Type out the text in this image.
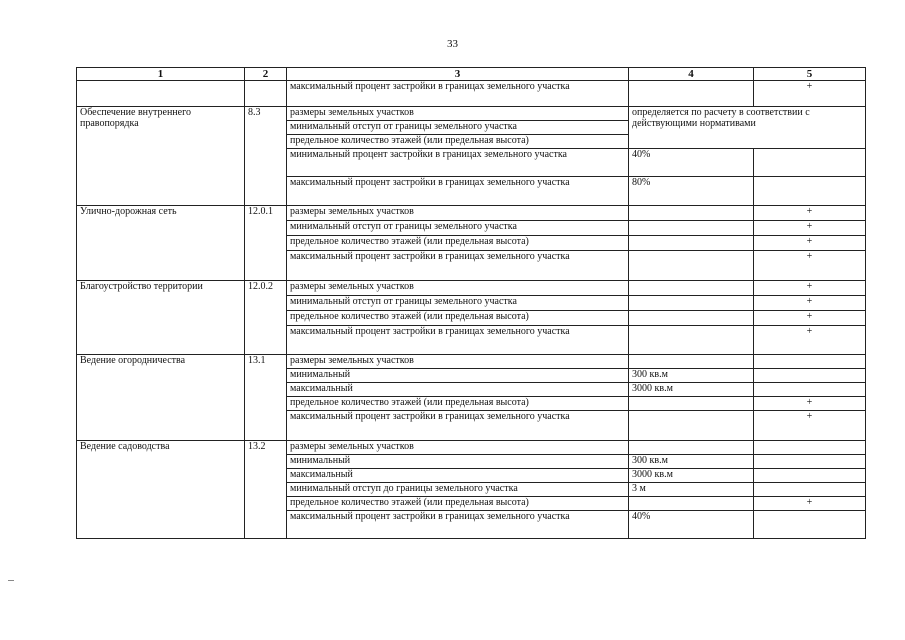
33
1	2	3	4	5
		максимальный процент застройки в границах земельного участка		+
Обеспечение внутреннего правопорядка	8.3	размеры земельных участков	определяется по расчету в соответствии с действующими нормативами	
		минимальный отступ от границы земельного участка		
		предельное количество этажей (или предельная высота)		
		минимальный процент застройки в границах земельного участка	40%	
		максимальный процент застройки в границах земельного участка	80%	
Улично-дорожная сеть	12.0.1	размеры земельных участков		+
		минимальный отступ от границы земельного участка		+
		предельное количество этажей (или предельная высота)		+
		максимальный процент застройки в границах земельного участка		+
Благоустройство территории	12.0.2	размеры земельных участков		+
		минимальный отступ от границы земельного участка		+
		предельное количество этажей (или предельная высота)		+
		максимальный процент застройки в границах земельного участка		+
Ведение огородничества	13.1	размеры земельных участков		
		минимальный	300 кв.м	
		максимальный	3000 кв.м	
		предельное количество этажей (или предельная высота)		+
		максимальный процент застройки в границах земельного участка		+
Ведение садоводства	13.2	размеры земельных участков		
		минимальный	300 кв.м	
		максимальный	3000 кв.м	
		минимальный отступ до границы земельного участка	3 м	
		предельное количество этажей (или предельная высота)		+
		максимальный процент застройки в границах земельного участка	40%	
